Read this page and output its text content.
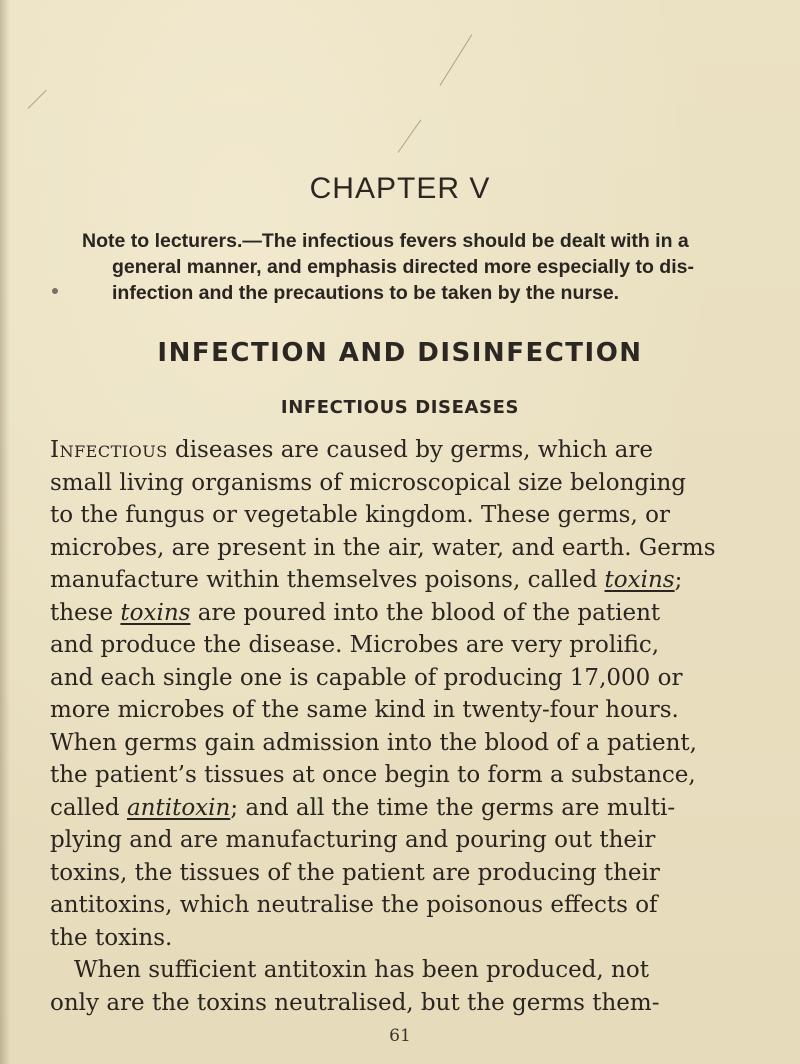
CHAPTER V
Note to lecturers.—The infectious fevers should be dealt with in a
general manner, and emphasis directed more especially to dis-
infection and the precautions to be taken by the nurse.
INFECTION AND DISINFECTION
INFECTIOUS DISEASES
Infectious diseases are caused by germs, which are
small living organisms of microscopical size belonging
to the fungus or vegetable kingdom. These germs, or
microbes, are present in the air, water, and earth. Germs
manufacture within themselves poisons, called toxins;
these toxins are poured into the blood of the patient
and produce the disease. Microbes are very prolific,
and each single one is capable of producing 17,000 or
more microbes of the same kind in twenty-four hours.
When germs gain admission into the blood of a patient,
the patient’s tissues at once begin to form a substance,
called antitoxin; and all the time the germs are multi-
plying and are manufacturing and pouring out their
toxins, the tissues of the patient are producing their
antitoxins, which neutralise the poisonous effects of
the toxins.
When sufficient antitoxin has been produced, not
only are the toxins neutralised, but the germs them-
61
